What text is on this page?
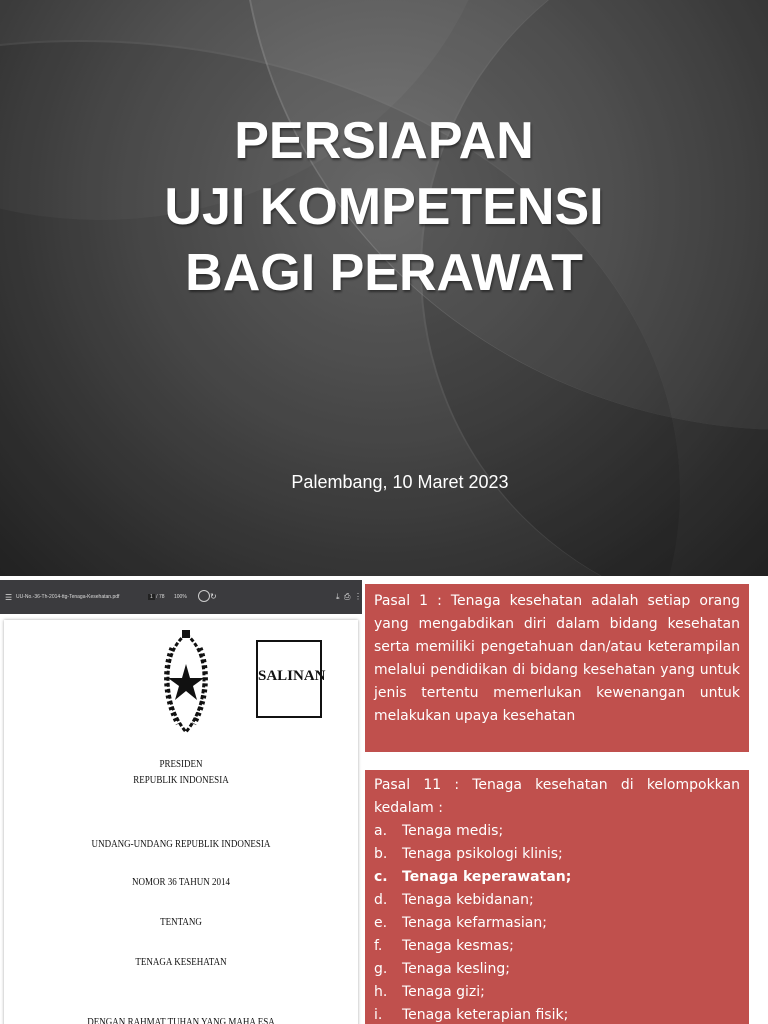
PERSIAPAN
UJI KOMPETENSI
BAGI PERAWAT
Palembang, 10 Maret 2023
☰ UU-No.-36-Th-2014-ttg-Tenaga-Kesehatan.pdf	1 / 78 100%	↻	⤓ ⎙ ⋮
SALINAN
PRESIDEN
REPUBLIK INDONESIA
UNDANG-UNDANG REPUBLIK INDONESIA
NOMOR 36 TAHUN 2014
TENTANG
TENAGA KESEHATAN
DENGAN RAHMAT TUHAN YANG MAHA ESA
Pasal 1 : Tenaga kesehatan adalah setiap orang yang mengabdikan diri dalam bidang kesehatan serta memiliki pengetahuan dan/atau keterampilan melalui pendidikan di bidang kesehatan yang untuk jenis tertentu memerlukan kewenangan untuk melakukan upaya kesehatan
Pasal 11 : Tenaga kesehatan di kelompokkan kedalam :
a. Tenaga medis;
b. Tenaga psikologi klinis;
c. Tenaga keperawatan;
d. Tenaga kebidanan;
e. Tenaga kefarmasian;
f. Tenaga kesmas;
g. Tenaga kesling;
h. Tenaga gizi;
i. Tenaga keterapian fisik;
